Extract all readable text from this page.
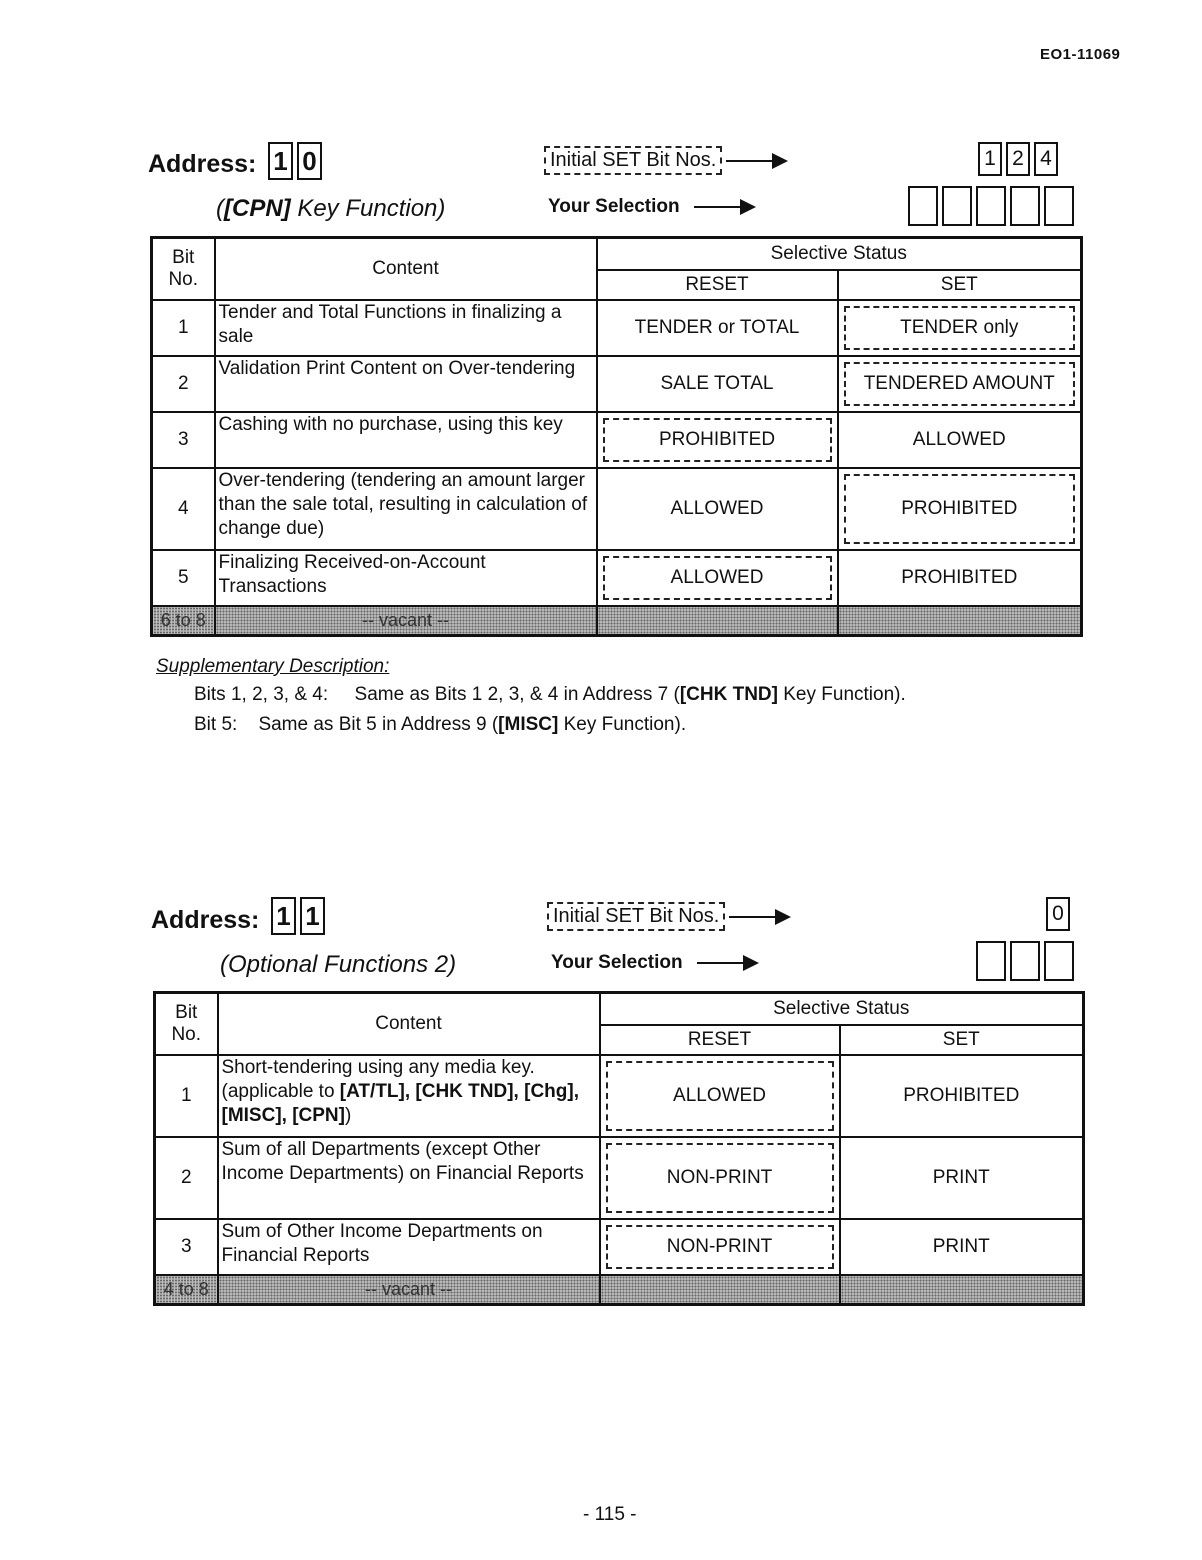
EO1-11069
Address: 1 0
([CPN] Key Function)
Initial SET Bit Nos.	1 2 4
Your Selection
Bit
No.	Content	Selective Status	
		RESET	SET
1	Tender and Total Functions in finalizing a sale	TENDER or TOTAL	TENDER only
2	Validation Print Content on Over-tendering	SALE TOTAL	TENDERED AMOUNT
3	Cashing with no purchase, using this key	PROHIBITED	ALLOWED
4	Over-tendering (tendering an amount larger than the sale total, resulting in calculation of change due)	ALLOWED	PROHIBITED
5	Finalizing Received-on-Account Transactions	ALLOWED	PROHIBITED
6 to 8	-- vacant --		
Supplementary Description:
Bits 1, 2, 3, & 4: Same as Bits 1 2, 3, & 4 in Address 7 ([CHK TND] Key Function).
Bit 5: Same as Bit 5 in Address 9 ([MISC] Key Function).
Address: 1 1
(Optional Functions 2)
Initial SET Bit Nos.	0
Your Selection
Bit
No.	Content	Selective Status	
		RESET	SET
1	Short-tendering using any media key. (applicable to [AT/TL], [CHK TND], [Chg], [MISC], [CPN])	ALLOWED	PROHIBITED
2	Sum of all Departments (except Other Income Departments) on Financial Reports	NON-PRINT	PRINT
3	Sum of Other Income Departments on Financial Reports	NON-PRINT	PRINT
4 to 8	-- vacant --		
- 115 -
